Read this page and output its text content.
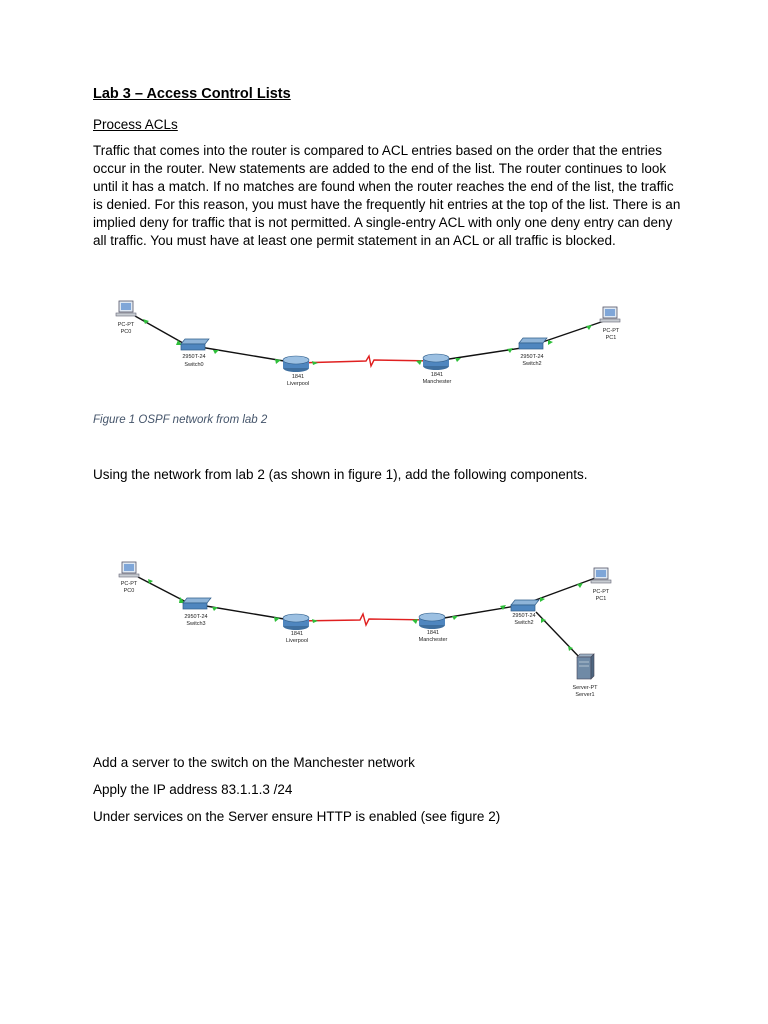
Lab 3 – Access Control Lists
Process ACLs

Traffic that comes into the router is compared to ACL entries based on the order that the entries occur in the router. New statements are added to the end of the list. The router continues to look until it has a match. If no matches are found when the router reaches the end of the list, the traffic is denied. For this reason, you must have the frequently hit entries at the top of the list. There is an implied deny for traffic that is not permitted. A single-entry ACL with only one deny entry can deny all traffic. You must have at least one permit statement in an ACL or all traffic is blocked.

PC-PT
PC0
2950T-24
Switch0
1841
Liverpool
1841
Manchester
2950T-24
Switch2
PC-PT
PC1
Figure 1 OSPF network from lab 2

Using the network from lab 2 (as shown in figure 1), add the following components.

PC-PT
PC0
2950T-24
Switch3
1841
Liverpool
1841
Manchester
2950T-24
Switch2
PC-PT
PC1
Server-PT
Server1

Add a server to the switch on the Manchester network

Apply the IP address 83.1.1.3 /24

Under services on the Server ensure HTTP is enabled (see figure 2)
